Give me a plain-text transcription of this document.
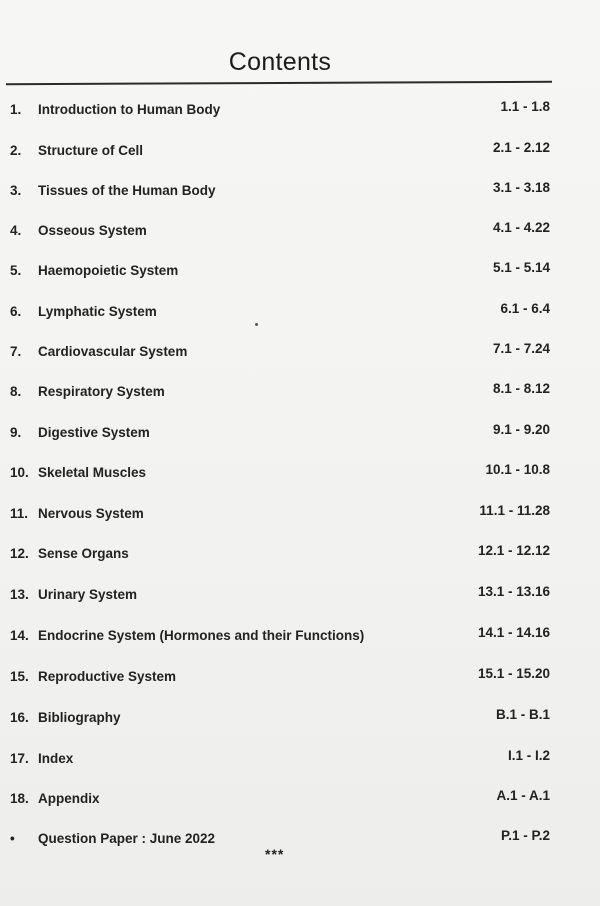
Contents
1.	Introduction to Human Body	1.1 - 1.8
2.	Structure of Cell	2.1 - 2.12
3.	Tissues of the Human Body	3.1 - 3.18
4.	Osseous System	4.1 - 4.22
5.	Haemopoietic System	5.1 - 5.14
6.	Lymphatic System	6.1 - 6.4
7.	Cardiovascular System	7.1 - 7.24
8.	Respiratory System	8.1 - 8.12
9.	Digestive System	9.1 - 9.20
10. Skeletal Muscles	10.1 - 10.8
11. Nervous System	11.1 - 11.28
12. Sense Organs	12.1 - 12.12
13. Urinary System	13.1 - 13.16
14. Endocrine System (Hormones and their Functions)	14.1 - 14.16
15. Reproductive System	15.1 - 15.20
16. Bibliography	B.1 - B.1
17. Index	I.1 - I.2
18. Appendix	A.1 - A.1
•	Question Paper : June 2022	P.1 - P.2
***
